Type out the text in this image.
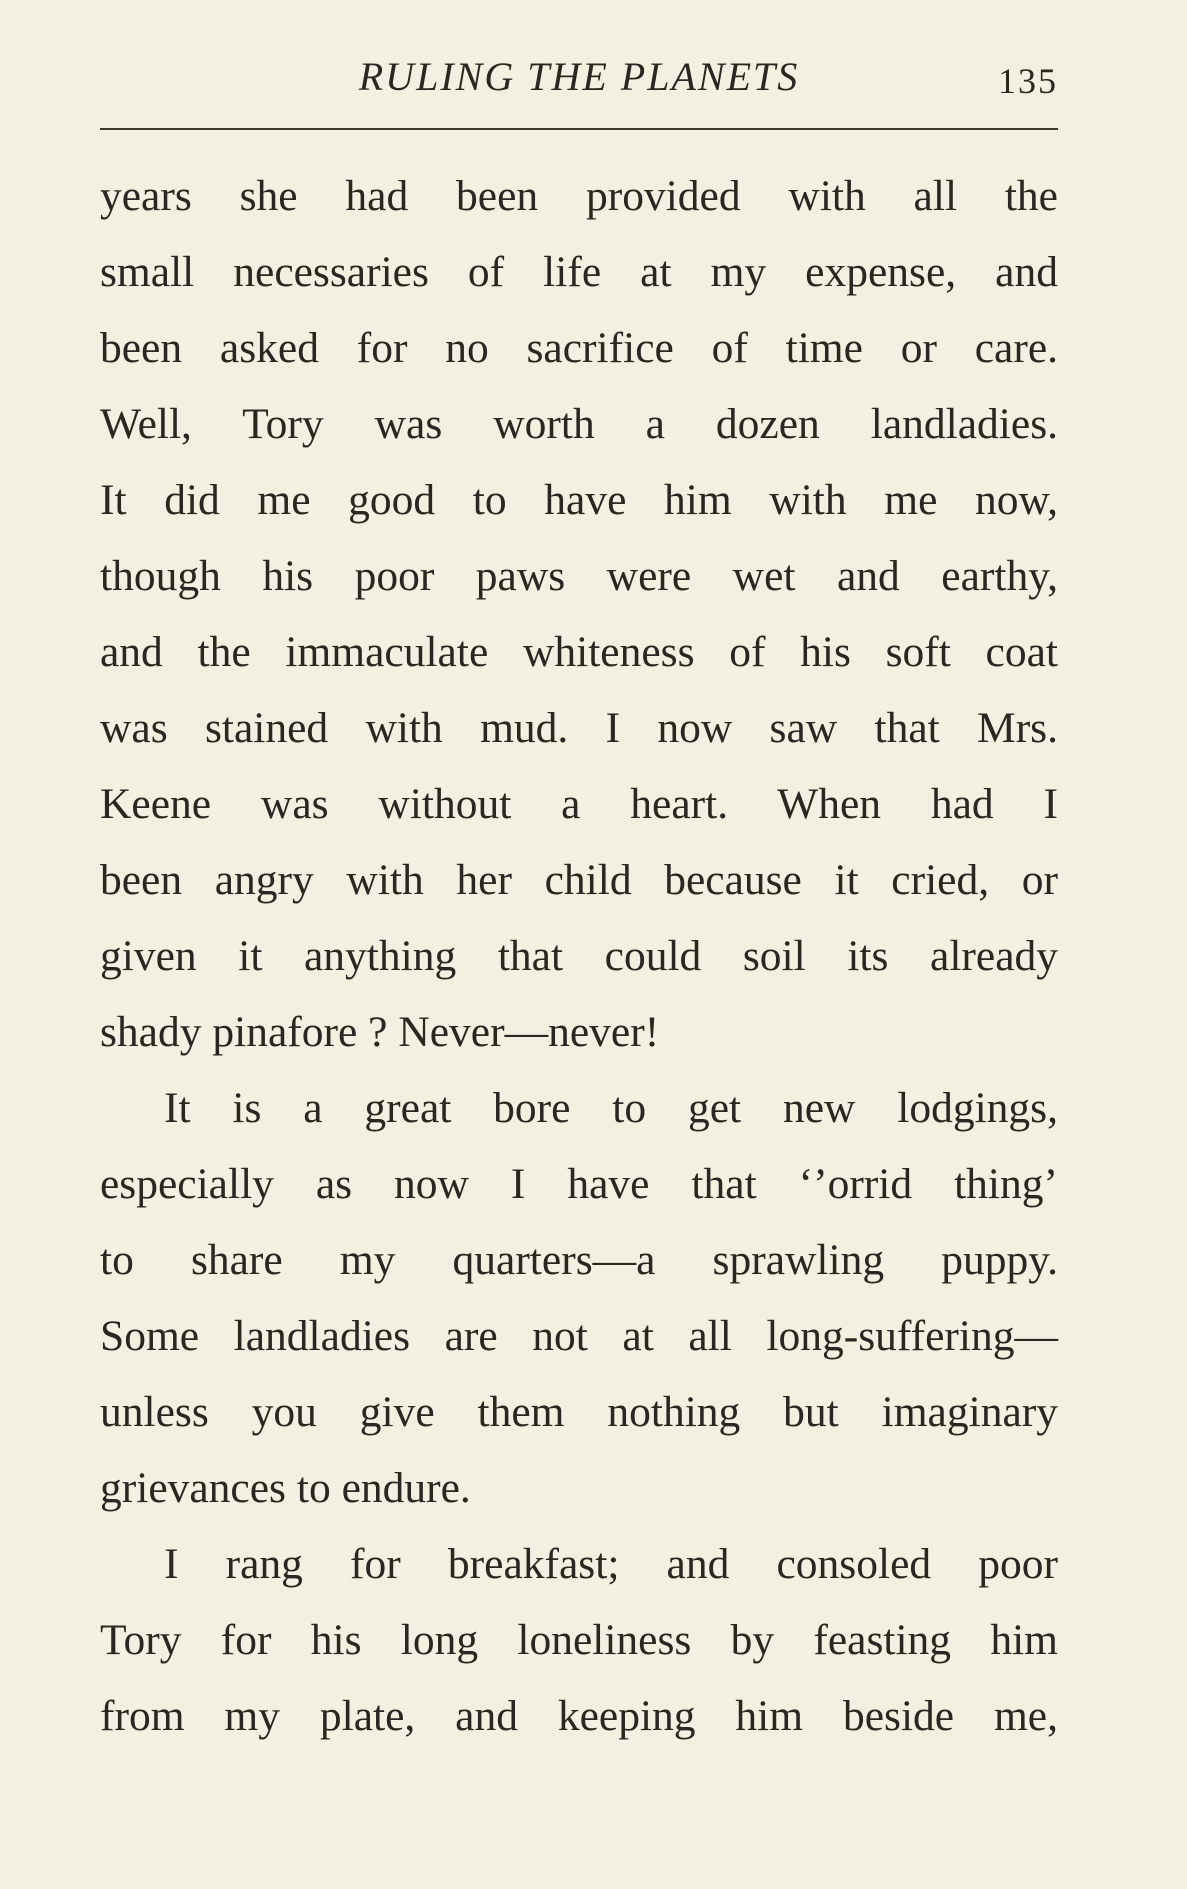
RULING THE PLANETS	135
years she had been provided with all the
small necessaries of life at my expense, and
been asked for no sacrifice of time or care.
Well, Tory was worth a dozen landladies.
It did me good to have him with me now,
though his poor paws were wet and earthy,
and the immaculate whiteness of his soft coat
was stained with mud. I now saw that Mrs.
Keene was without a heart. When had I
been angry with her child because it cried, or
given it anything that could soil its already
shady pinafore ? Never—never!
It is a great bore to get new lodgings,
especially as now I have that ‘’orrid thing’
to share my quarters—a sprawling puppy.
Some landladies are not at all long-suffering—
unless you give them nothing but imaginary
grievances to endure.
I rang for breakfast; and consoled poor
Tory for his long loneliness by feasting him
from my plate, and keeping him beside me,
